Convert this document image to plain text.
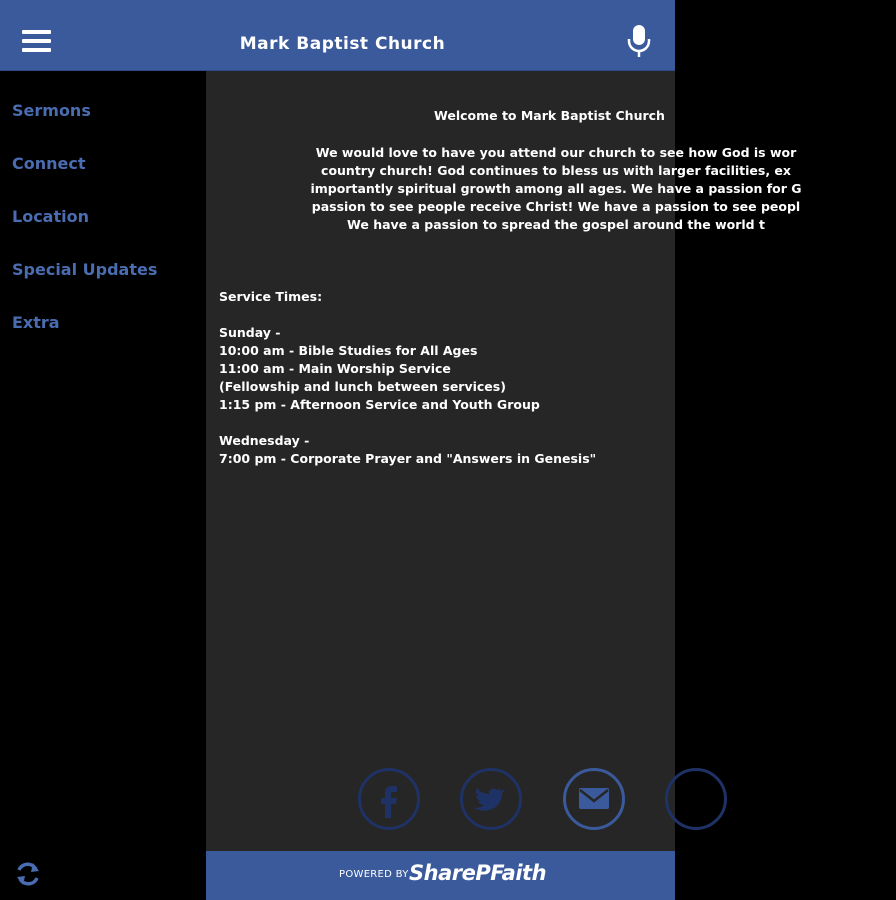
Mark Baptist Church
Sermons
Connect
Location
Special Updates
Extra
Welcome to Mark Baptist Church
We would love to have you attend our church to see how God is wor
country church! God continues to bless us with larger facilities, ex
importantly spiritual growth among all ages. We have a passion for G
passion to see people receive Christ! We have a passion to see peopl
We have a passion to spread the gospel around the world t
Service Times:
Sunday -
10:00 am - Bible Studies for All Ages
11:00 am - Main Worship Service
(Fellowship and lunch between services)
1:15 pm - Afternoon Service and Youth Group
Wednesday -
7:00 pm - Corporate Prayer and "Answers in Genesis"
POWERED BY SharePFaith
